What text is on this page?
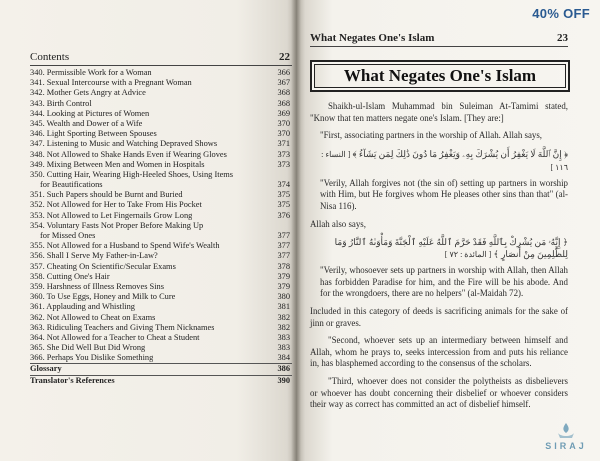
Contents	22
340. Permissible Work for a Woman	366
341. Sexual Intercourse with a Pregnant Woman	367
342. Mother Gets Angry at Advice	368
343. Birth Control	368
344. Looking at Pictures of Women	369
345. Wealth and Dower of a Wife	370
346. Light Sporting Between Spouses	370
347. Listening to Music and Watching Depraved Shows	371
348. Not Allowed to Shake Hands Even if Wearing Gloves	373
349. Mixing Between Men and Women in Hospitals	373
350. Cutting Hair, Wearing High-Heeled Shoes, Using Items
for Beautifications	374
351. Such Papers should be Burnt and Buried	375
352. Not Allowed for Her to Take From His Pocket	375
353. Not Allowed to Let Fingernails Grow Long	376
354. Voluntary Fasts Not Proper Before Making Up
for Missed Ones	377
355. Not Allowed for a Husband to Spend Wife's Wealth	377
356. Shall I Serve My Father-in-Law?	377
357. Cheating On Scientific/Secular Exams	378
358. Cutting One's Hair	379
359. Harshness of Illness Removes Sins	379
360. To Use Eggs, Honey and Milk to Cure	380
361. Applauding and Whistling	381
362. Not Allowed to Cheat on Exams	382
363. Ridiculing Teachers and Giving Them Nicknames	382
364. Not Allowed for a Teacher to Cheat a Student	383
365. She Did Well But Did Wrong	383
366. Perhaps You Dislike Something	384
Glossary	386
Translator's References	390
What Negates One's Islam	23
What Negates One's Islam

Shaikh-ul-Islam Muhammad bin Suleiman At-Tamimi stated, "Know that ten matters negate one's Islam. [They are:]

"First, associating partners in the worship of Allah. Allah says,

﴿ إِنَّ ٱللَّهَ لَا يَغْفِرُ أَن يُشْرَكَ بِهِۦ وَيَغْفِرُ مَا دُونَ ذَٰلِكَ لِمَن يَشَآءُ ﴾ [ النساء : ١١٦ ]

"Verily, Allah forgives not (the sin of) setting up partners in worship with Him, but He forgives whom He pleases other sins than that" (al-Nisa 116).

Allah also says,

﴿ إِنَّهُۥ مَن يُشْرِكْ بِٱللَّهِ فَقَدْ حَرَّمَ ٱللَّهُ عَلَيْهِ ٱلْجَنَّةَ وَمَأْوَىٰهُ ٱلنَّارُ وَمَا لِلظَّٰلِمِينَ مِنْ أَنصَارٍ ﴾ [ المائدة : ٧٢ ]

"Verily, whosoever sets up partners in worship with Allah, then Allah has forbidden Paradise for him, and the Fire will be his abode. And for the wrongdoers, there are no helpers" (al-Maidah 72).

Included in this category of deeds is sacrificing animals for the sake of jinn or graves.

"Second, whoever sets up an intermediary between himself and Allah, whom he prays to, seeks intercession from and puts his reliance in, has blasphemed according to the consensus of the scholars.

"Third, whoever does not consider the polytheists as disbelievers or whoever has doubt concerning their disbelief or whoever considers their way as correct has committed an act of disbelief himself.

40% OFF
SIRAJ
